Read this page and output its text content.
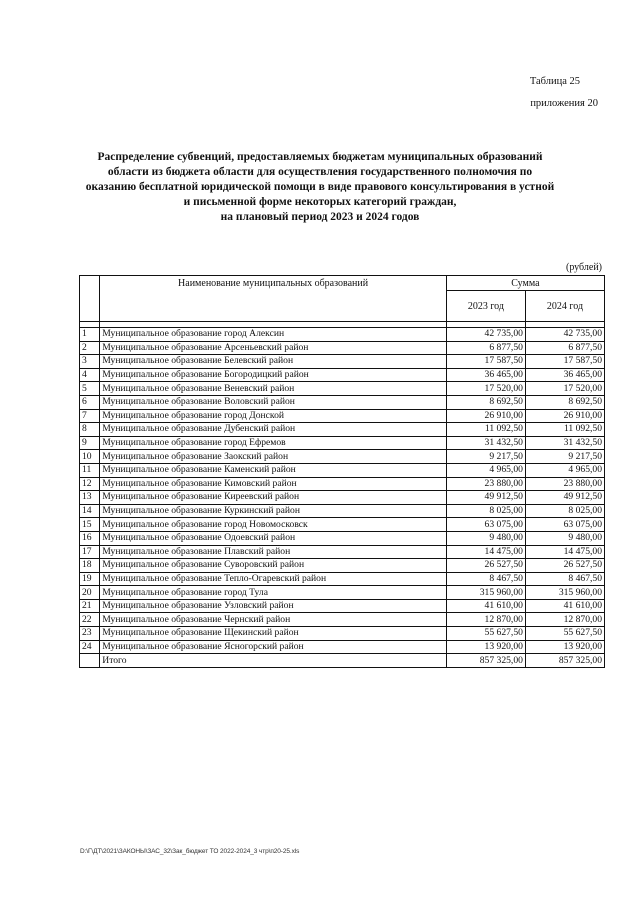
Таблица 25
приложения 20
Распределение субвенций, предоставляемых бюджетам муниципальных образований
области из бюджета области для осуществления государственного полномочия по
оказанию бесплатной юридической помощи в виде правового консультирования в устной
и письменной форме некоторых категорий граждан,
на плановый период 2023 и 2024 годов
(рублей)
	Наименование муниципальных образований	Сумма	
		2023 год	2024 год

1	Муниципальное образование город Алексин	42 735,00	42 735,00
2	Муниципальное образование Арсеньевский район	6 877,50	6 877,50
3	Муниципальное образование Белевский район	17 587,50	17 587,50
4	Муниципальное образование Богородицкий район	36 465,00	36 465,00
5	Муниципальное образование Веневский район	17 520,00	17 520,00
6	Муниципальное образование Воловский район	8 692,50	8 692,50
7	Муниципальное образование город Донской	26 910,00	26 910,00
8	Муниципальное образование Дубенский район	11 092,50	11 092,50
9	Муниципальное образование город Ефремов	31 432,50	31 432,50
10	Муниципальное образование Заокский район	9 217,50	9 217,50
11	Муниципальное образование Каменский район	4 965,00	4 965,00
12	Муниципальное образование Кимовский район	23 880,00	23 880,00
13	Муниципальное образование Киреевский район	49 912,50	49 912,50
14	Муниципальное образование Куркинский район	8 025,00	8 025,00
15	Муниципальное образование город Новомосковск	63 075,00	63 075,00
16	Муниципальное образование Одоевский район	9 480,00	9 480,00
17	Муниципальное образование Плавский район	14 475,00	14 475,00
18	Муниципальное образование Суворовский район	26 527,50	26 527,50
19	Муниципальное образование Тепло-Огаревский район	8 467,50	8 467,50
20	Муниципальное образование город Тула	315 960,00	315 960,00
21	Муниципальное образование Узловский район	41 610,00	41 610,00
22	Муниципальное образование Чернский район	12 870,00	12 870,00
23	Муниципальное образование Щекинский район	55 627,50	55 627,50
24	Муниципальное образование Ясногорский район	13 920,00	13 920,00
	Итого	857 325,00	857 325,00
D:\Г\ДТ\2021\ЗАКОНЫ\ЗАС_32\Зак_бюджет ТО 2022-2024_3 чтр\п20-25.xls
